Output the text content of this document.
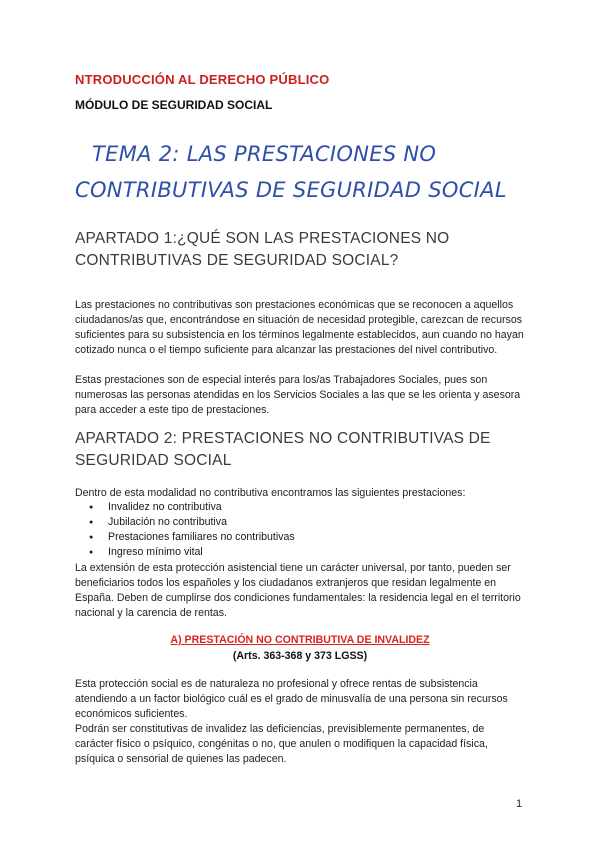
NTRODUCCIÓN AL DERECHO PÚBLICO
MÓDULO DE SEGURIDAD SOCIAL
TEMA 2: LAS PRESTACIONES NO
CONTRIBUTIVAS DE SEGURIDAD SOCIAL
APARTADO 1:¿QUÉ SON LAS PRESTACIONES NO CONTRIBUTIVAS DE SEGURIDAD SOCIAL?
Las prestaciones no contributivas son prestaciones económicas que se reconocen a aquellos ciudadanos/as que, encontrándose en situación de necesidad protegible, carezcan de recursos suficientes para su subsistencia en los términos legalmente establecidos, aun cuando no hayan cotizado nunca o el tiempo suficiente para alcanzar las prestaciones del nivel contributivo.
Estas prestaciones son de especial interés para los/as Trabajadores Sociales, pues son numerosas las personas atendidas en los Servicios Sociales a las que se les orienta y asesora para acceder a este tipo de prestaciones.
APARTADO 2: PRESTACIONES NO CONTRIBUTIVAS DE SEGURIDAD SOCIAL
Dentro de esta modalidad no contributiva encontramos las siguientes prestaciones:
● Invalidez no contributiva
● Jubilación no contributiva
● Prestaciones familiares no contributivas
● Ingreso mínimo vital
La extensión de esta protección asistencial tiene un carácter universal, por tanto, pueden ser beneficiarios todos los españoles y los ciudadanos extranjeros que residan legalmente en España. Deben de cumplirse dos condiciones fundamentales: la residencia legal en el territorio nacional y la carencia de rentas.
A) PRESTACIÓN NO CONTRIBUTIVA DE INVALIDEZ
(Arts. 363-368 y 373 LGSS)
Esta protección social es de naturaleza no profesional y ofrece rentas de subsistencia atendiendo a un factor biológico cuál es el grado de minusvalía de una persona sin recursos económicos suficientes.
Podrán ser constitutivas de invalidez las deficiencias, previsiblemente permanentes, de carácter físico o psíquico, congénitas o no, que anulen o modifiquen la capacidad física, psíquica o sensorial de quienes las padecen.
1
